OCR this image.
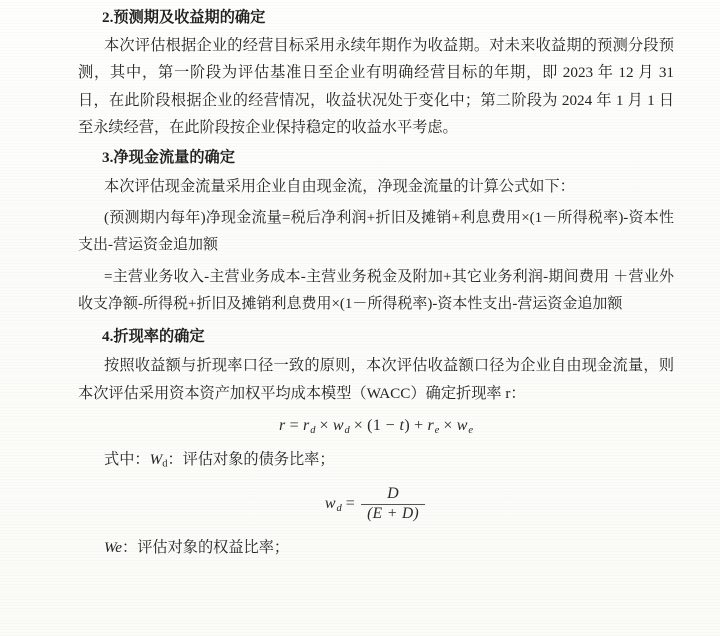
2.预测期及收益期的确定

本次评估根据企业的经营目标采用永续年期作为收益期。对未来收益期的预测分段预测，其中，第一阶段为评估基准日至企业有明确经营目标的年期，即 2023 年 12 月 31 日，在此阶段根据企业的经营情况，收益状况处于变化中；第二阶段为 2024 年 1 月 1 日至永续经营，在此阶段按企业保持稳定的收益水平考虑。

3.净现金流量的确定

本次评估现金流量采用企业自由现金流，净现金流量的计算公式如下：

(预测期内每年)净现金流量=税后净利润+折旧及摊销+利息费用×(1－所得税率)-资本性支出-营运资金追加额

=主营业务收入-主营业务成本-主营业务税金及附加+其它业务利润-期间费用 ＋营业外收支净额-所得税+折旧及摊销利息费用×(1－所得税率)-资本性支出-营运资金追加额

4.折现率的确定

按照收益额与折现率口径一致的原则，本次评估收益额口径为企业自由现金流量，则本次评估采用资本资产加权平均成本模型（WACC）确定折现率 r：

$r = r_d \times w_d \times (1 - t) + r_e \times w_e$
式中：Wd：评估对象的债务比率；
$w_d = \frac{D}{(E + D)}$
We：评估对象的权益比率；
